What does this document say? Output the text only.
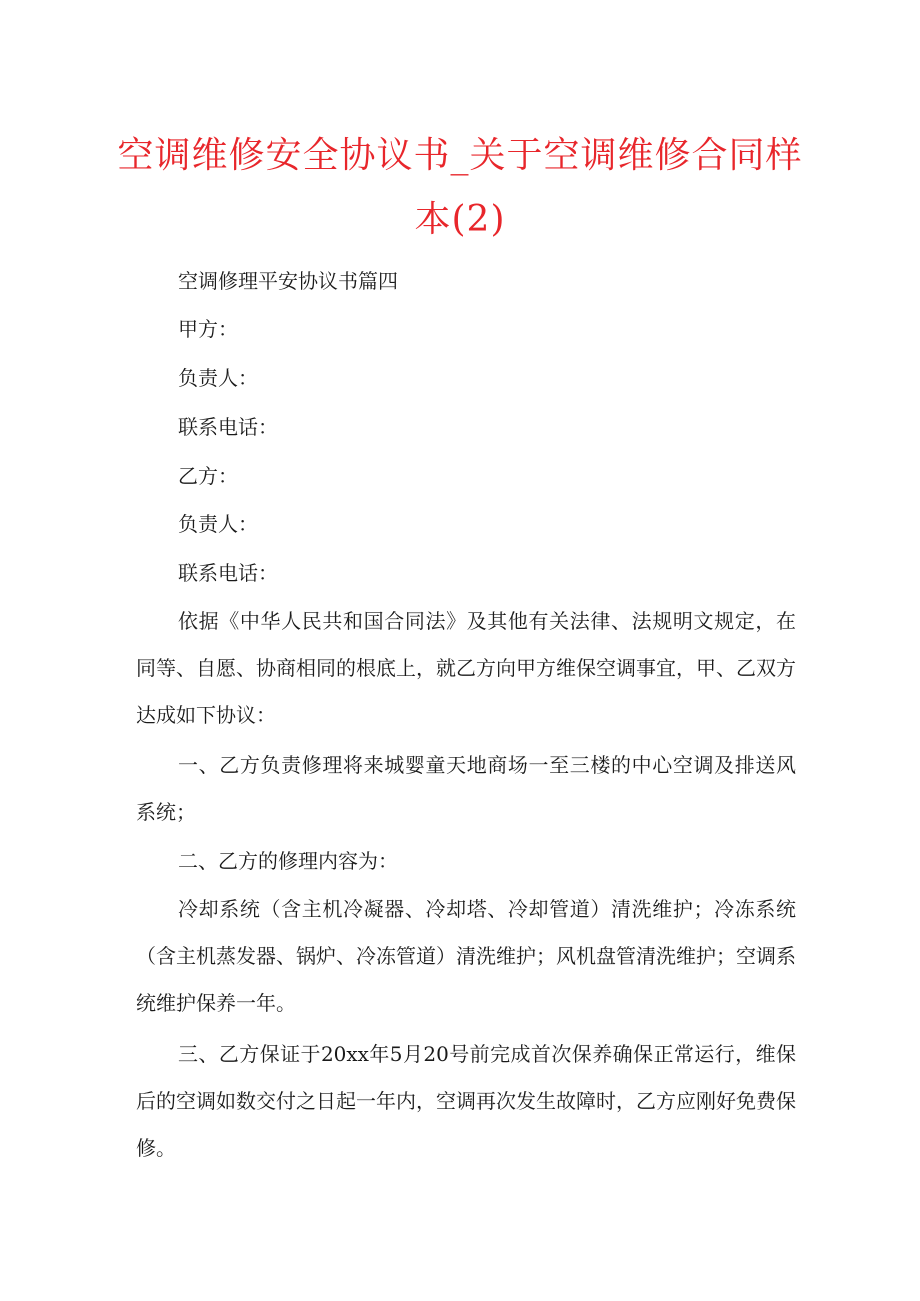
空调维修安全协议书_关于空调维修合同样本(2)

空调修理平安协议书篇四

甲方：

负责人：

联系电话：

乙方：

负责人：

联系电话：

依据《中华人民共和国合同法》及其他有关法律、法规明文规定，在同等、自愿、协商相同的根底上，就乙方向甲方维保空调事宜，甲、乙双方达成如下协议：

一、乙方负责修理将来城婴童天地商场一至三楼的中心空调及排送风系统；

二、乙方的修理内容为：

冷却系统（含主机冷凝器、冷却塔、冷却管道）清洗维护；冷冻系统（含主机蒸发器、锅炉、冷冻管道）清洗维护；风机盘管清洗维护；空调系统维护保养一年。

三、乙方保证于20xx年5月20号前完成首次保养确保正常运行，维保后的空调如数交付之日起一年内，空调再次发生故障时，乙方应刚好免费保修。
